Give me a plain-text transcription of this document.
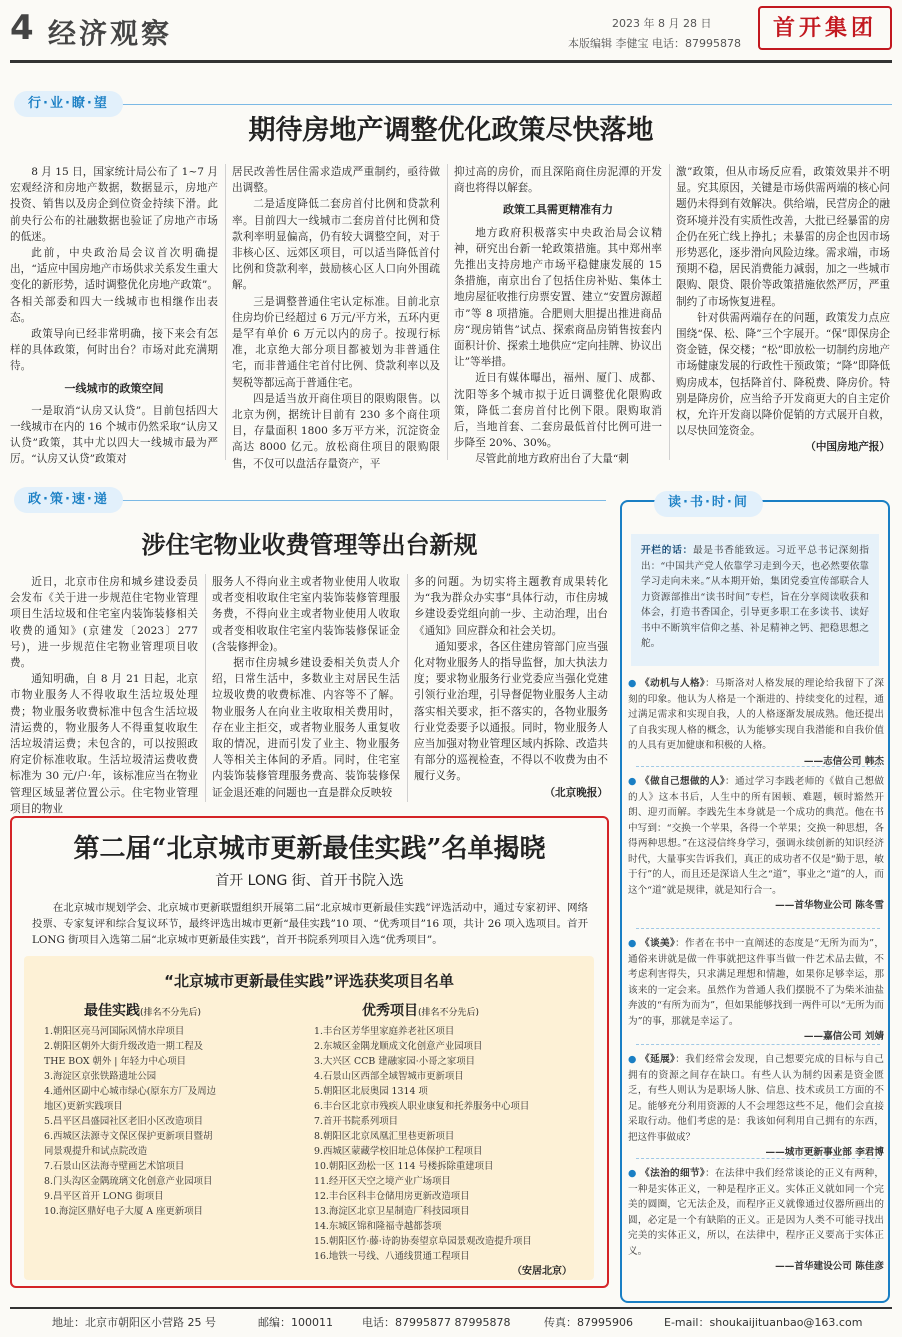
4 经济观察	2023 年 8 月 28 日
本版编辑 李健宝 电话：87995878
首开集团
行·业·瞭·望
期待房地产调整优化政策尽快落地

8 月 15 日，国家统计局公布了 1~7 月宏观经济和房地产数据，数据显示，房地产投资、销售以及房企到位资金持续下滑。此前央行公布的社融数据也验证了房地产市场的低迷。

此前，中央政治局会议首次明确提出，“适应中国房地产市场供求关系发生重大变化的新形势，适时调整优化房地产政策”。各相关部委和四大一线城市也相继作出表态。

政策导向已经非常明确，接下来会有怎样的具体政策，何时出台？市场对此充满期待。

一线城市的政策空间

一是取消“认房又认贷”。目前包括四大一线城市在内的 16 个城市仍然采取“认房又认贷”政策，其中尤以四大一线城市最为严厉。“认房又认贷”政策对

居民改善性居住需求造成严重制约，亟待做出调整。

二是适度降低二套房首付比例和贷款利率。目前四大一线城市二套房首付比例和贷款利率明显偏高，仍有较大调整空间，对于非核心区、远郊区项目，可以适当降低首付比例和贷款利率，鼓励核心区人口向外围疏解。

三是调整普通住宅认定标准。目前北京住房均价已经超过 6 万元/平方米，五环内更是罕有单价 6 万元以内的房子。按现行标准，北京绝大部分项目都被划为非普通住宅，而非普通住宅首付比例、贷款利率以及契税等都远高于普通住宅。

四是适当放开商住项目的限购限售。以北京为例，据统计目前有 230 多个商住项目，存量面积 1800 多万平方米，沉淀资金高达 8000 亿元。放松商住项目的限购限售，不仅可以盘活存量资产，平

抑过高的房价，而且深陷商住房泥潭的开发商也将得以解套。

政策工具需更精准有力

地方政府积极落实中央政治局会议精神，研究出台新一轮政策措施。其中郑州率先推出支持房地产市场平稳健康发展的 15 条措施，南京出台了包括住房补贴、集体土地房屋征收推行房票安置、建立“安置房源超市”等 8 项措施。合肥则大胆提出推进商品房“现房销售”试点、探索商品房销售按套内面积计价、探索土地供应“定向挂牌、协议出让”等举措。

近日有媒体曝出，福州、厦门、成都、沈阳等多个城市拟于近日调整优化限购政策，降低二套房首付比例下限。限购取消后，当地首套、二套房最低首付比例可进一步降至 20%、30%。

尽管此前地方政府出台了大量“刺

激”政策，但从市场反应看，政策效果并不明显。究其原因，关键是市场供需两端的核心问题仍未得到有效解决。供给端，民营房企的融资环境并没有实质性改善，大批已经暴雷的房企仍在死亡线上挣扎；未暴雷的房企也因市场形势恶化，逐步滑向风险边缘。需求端，市场预期不稳，居民消费能力减弱，加之一些城市限购、限贷、限价等政策措施依然严厉，严重制约了市场恢复进程。

针对供需两端存在的问题，政策发力点应围绕“保、松、降”三个字展开。“保”即保房企资金链，保交楼；“松”即放松一切制约房地产市场健康发展的行政性干预政策；“降”即降低购房成本，包括降首付、降税费、降房价。特别是降房价，应当给予开发商更大的自主定价权，允许开发商以降价促销的方式展开自救，以尽快回笼资金。

（中国房地产报）

政·策·速·递
涉住宅物业收费管理等出台新规

近日，北京市住房和城乡建设委员会发布《关于进一步规范住宅物业管理项目生活垃圾和住宅室内装饰装修相关收费的通知》(京建发〔2023〕277 号)，进一步规范住宅物业管理项目收费。

通知明确，自 8 月 21 日起，北京市物业服务人不得收取生活垃圾处理费；物业服务收费标准中包含生活垃圾清运费的，物业服务人不得重复收取生活垃圾清运费；未包含的，可以按照政府定价标准收取。生活垃圾清运费收费标准为 30 元/户·年，该标准应当在物业管理区域显著位置公示。住宅物业管理项目的物业

服务人不得向业主或者物业使用人收取或者变相收取住宅室内装饰装修管理服务费，不得向业主或者物业使用人收取或者变相收取住宅室内装饰装修保证金(含装修押金)。

据市住房城乡建设委相关负责人介绍，日常生活中，多数业主对居民生活垃圾收费的收费标准、内容等不了解。物业服务人在向业主收取相关费用时，存在业主拒交，或者物业服务人重复收取的情况，进而引发了业主、物业服务人等相关主体间的矛盾。同时，住宅室内装饰装修管理服务费高、装饰装修保证金退还难的问题也一直是群众反映较

多的问题。为切实将主题教育成果转化为“我为群众办实事”具体行动，市住房城乡建设委党组向前一步、主动治理，出台《通知》回应群众和社会关切。

通知要求，各区住建房管部门应当强化对物业服务人的指导监督，加大执法力度；要求物业服务行业党委应当强化党建引领行业治理，引导督促物业服务人主动落实相关要求，拒不落实的，各物业服务行业党委要予以通报。同时，物业服务人应当加强对物业管理区域内拆除、改造共有部分的巡视检查，不得以不收费为由不履行义务。

（北京晚报）

第二届“北京城市更新最佳实践”名单揭晓
首开 LONG 街、首开书院入选
在北京城市规划学会、北京城市更新联盟组织开展第二届“北京城市更新最佳实践”评选活动中，通过专家初评、网络投票、专家复评和综合复议环节，最终评选出城市更新“最佳实践”10 项、“优秀项目”16 项，共计 26 项入选项目。首开 LONG 街项目入选第二届“北京城市更新最佳实践”，首开书院系列项目入选“优秀项目”。
“北京城市更新最佳实践”评选获奖项目名单
最佳实践(排名不分先后)
1.朝阳区亮马河国际风情水岸项目
2.朝阳区朝外大街升级改造一期工程及
THE BOX 朝外 | 年轻力中心项目
3.海淀区京张铁路遗址公园
4.通州区副中心城市绿心(原东方厂及周边
地区)更新实践项目
5.昌平区昌盛园社区老旧小区改造项目
6.西城区法源寺文保区保护更新项目暨胡
同景观提升和试点院改造
7.石景山区法海寺壁画艺术馆项目
8.门头沟区金隅琉璃文化创意产业园项目
9.昌平区首开 LONG 街项目
10.海淀区鼎好电子大厦 A 座更新项目
优秀项目(排名不分先后)
1.丰台区芳华里家庭养老社区项目
2.东城区金隅龙顺成文化创意产业园项目
3.大兴区 CCB 建融家园·小哥之家项目
4.石景山区西部全域智城市更新项目
5.朝阳区北辰奥园 1314 项
6.丰台区北京市残疾人职业康复和托养服务中心项目
7.首开书院系列项目
8.朝阳区北京凤凰汇里巷更新项目
9.西城区蒙藏学校旧址总体保护工程项目
10.朝阳区劲松一区 114 号楼拆除重建项目
11.经开区天空之境产业广场项目
12.丰台区科丰仓储用房更新改造项目
13.海淀区北京卫星制造厂科技园项目
14.东城区锦和隆福寺越都荟项
15.朝阳区竹·藤·诗韵协奏望京阜园景观改造提升项目
16.地铁一号线、八通线贯通工程项目
（安居北京）
读·书·时·间
开栏的话：最是书香能致远。习近平总书记深刻指出：“中国共产党人依靠学习走到今天，也必然要依靠学习走向未来。”从本期开始，集团党委宣传部联合人力资源部推出“读书时间”专栏，旨在分享阅读收获和体会，打造书香国企，引导更多职工在多读书、读好书中不断筑牢信仰之基、补足精神之钙、把稳思想之舵。
● 《动机与人格》：马斯洛对人格发展的理论给我留下了深刻的印象。他认为人格是一个渐进的、持续变化的过程，通过满足需求和实现自我，人的人格逐渐发展成熟。他还提出了自我实现人格的概念，认为能够实现自我潜能和自我价值的人具有更加健康和积极的人格。
——志信公司 韩杰
● 《做自己想做的人》：通过学习李践老师的《做自己想做的人》这本书后，人生中的所有困顿、难题，顿时豁然开朗、迎刃而解。李践先生本身就是一个成功的典范。他在书中写到：“交换一个苹果，各得一个苹果；交换一种思想，各得两种思想。”在这浸信终身学习，强调永续创新的知识经济时代，大量事实告诉我们，真正的成功者不仅是“勤于思，敏于行”的人，而且还是深谙人生之“道”，事业之“道”的人，而这个“道”就是规律，就是知行合一。
——首华物业公司 陈冬雪
● 《谈美》：作者在书中一直阐述的态度是“无所为而为”，通俗来讲就是做一件事就把这件事当做一件艺术品去做，不考虑利害得失，只求满足理想和情趣，如果你足够幸运，那该来的一定会来。虽然作为普通人我们摆脱不了为柴米油盐奔波的“有所为而为”，但如果能够找到一两件可以“无所为而为”的事，那就是幸运了。
——嘉信公司 刘婧
● 《延展》：我们经常会发现，自己想要完成的目标与自己拥有的资源之间存在缺口。有些人认为制约因素是资金匮乏，有些人则认为是职场人脉、信息、技术或员工方面的不足。能够充分利用资源的人不会埋怨这些不足，他们会直接采取行动。他们考虑的是：我该如何利用自己拥有的东西，把这件事做成？
——城市更新事业部 李君博
● 《法治的细节》：在法律中我们经常谈论的正义有两种，一种是实体正义，一种是程序正义。实体正义就如同一个完美的圆圈，它无法企及，而程序正义就像通过仪器所画出的圆，必定是一个有缺陷的正义。正是因为人类不可能寻找出完美的实体正义，所以，在法律中，程序正义要高于实体正义。
——首华建设公司 陈佳彦
地址：北京市朝阳区小营路 25 号	邮编：100011	电话：87995877 87995878	传真：87995906	E-mail：shoukaijituanbao@163.com
